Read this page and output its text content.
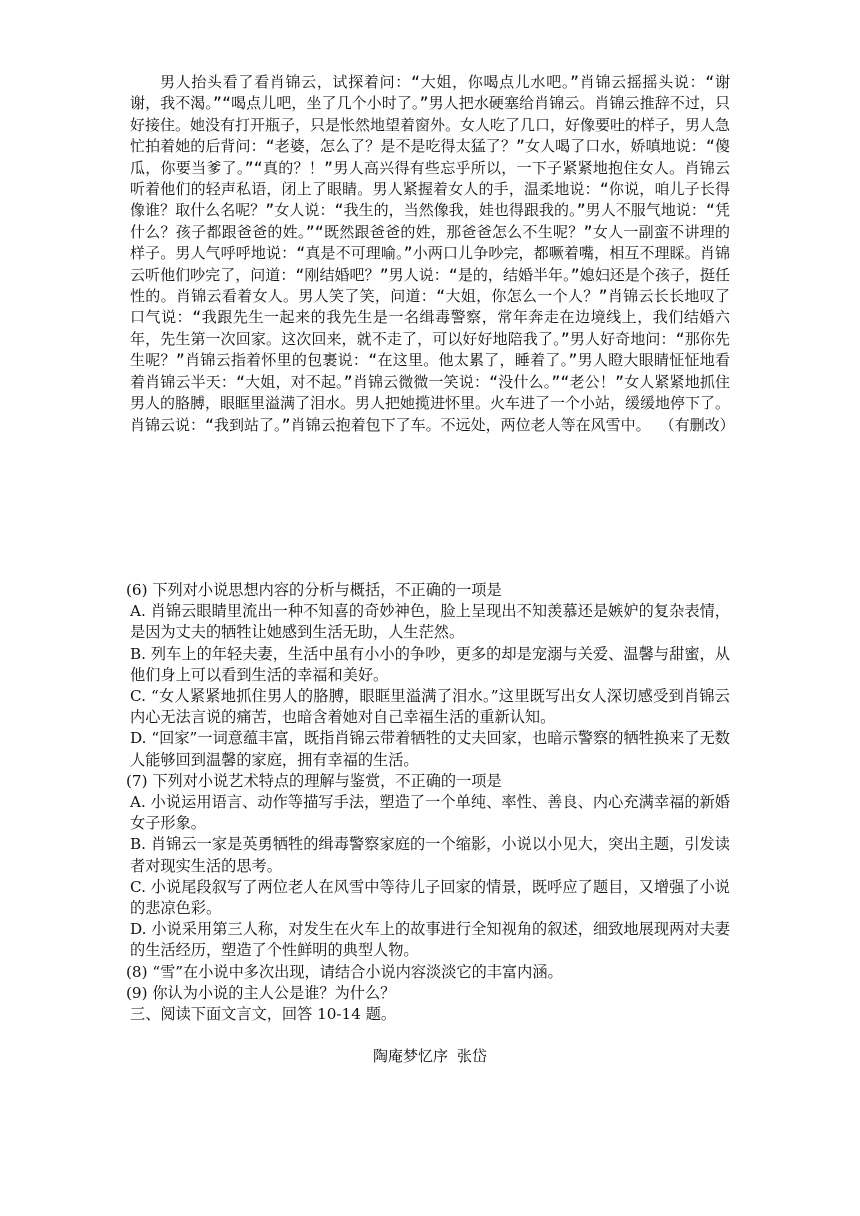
男人抬头看了看肖锦云，试探着问：“大姐，你喝点儿水吧。”肖锦云摇摇头说：“谢谢，我不渴。”“喝点儿吧，坐了几个小时了。”男人把水硬塞给肖锦云。肖锦云推辞不过，只好接住。她没有打开瓶子，只是怅然地望着窗外。女人吃了几口，好像要吐的样子，男人急忙拍着她的后背问：“老婆，怎么了？是不是吃得太猛了？”女人喝了口水，娇嗔地说：“傻瓜，你要当爹了。”“真的？！”男人高兴得有些忘乎所以，一下子紧紧地抱住女人。肖锦云听着他们的轻声私语，闭上了眼睛。男人紧握着女人的手，温柔地说：“你说，咱儿子长得像谁？取什么名呢？”女人说：“我生的，当然像我，娃也得跟我的。”男人不服气地说：“凭什么？孩子都跟爸爸的姓。”“既然跟爸爸的姓，那爸爸怎么不生呢？”女人一副蛮不讲理的样子。男人气呼呼地说：“真是不可理喻。”小两口儿争吵完，都噘着嘴，相互不理睬。肖锦云听他们吵完了，问道：“刚结婚吧？”男人说：“是的，结婚半年。”媳妇还是个孩子，挺任性的。肖锦云看着女人。男人笑了笑，问道：“大姐，你怎么一个人？”肖锦云长长地叹了口气说：“我跟先生一起来的我先生是一名缉毒警察，常年奔走在边境线上，我们结婚六年，先生第一次回家。这次回来，就不走了，可以好好地陪我了。”男人好奇地问：“那你先生呢？”肖锦云指着怀里的包裹说：“在这里。他太累了，睡着了。”男人瞪大眼睛怔怔地看着肖锦云半天：“大姐，对不起。”肖锦云微微一笑说：“没什么。”“老公！”女人紧紧地抓住男人的胳膊，眼眶里溢满了泪水。男人把她揽进怀里。火车进了一个小站，缓缓地停下了。肖锦云说：“我到站了。”肖锦云抱着包下了车。不远处，两位老人等在风雪中。 （有删改）

(6) 下列对小说思想内容的分析与概括，不正确的一项是

A. 肖锦云眼睛里流出一种不知喜的奇妙神色，脸上呈现出不知羡慕还是嫉妒的复杂表情，是因为丈夫的牺牲让她感到生活无助，人生茫然。

B. 列车上的年轻夫妻，生活中虽有小小的争吵，更多的却是宠溺与关爱、温馨与甜蜜，从他们身上可以看到生活的幸福和美好。

C. “女人紧紧地抓住男人的胳膊，眼眶里溢满了泪水。”这里既写出女人深切感受到肖锦云内心无法言说的痛苦，也暗含着她对自己幸福生活的重新认知。

D. “回家”一词意蕴丰富，既指肖锦云带着牺牲的丈夫回家，也暗示警察的牺牲换来了无数人能够回到温馨的家庭，拥有幸福的生活。

(7) 下列对小说艺术特点的理解与鉴赏，不正确的一项是

A. 小说运用语言、动作等描写手法，塑造了一个单纯、率性、善良、内心充满幸福的新婚女子形象。

B. 肖锦云一家是英勇牺牲的缉毒警察家庭的一个缩影，小说以小见大，突出主题，引发读者对现实生活的思考。

C. 小说尾段叙写了两位老人在风雪中等待儿子回家的情景，既呼应了题目，又增强了小说的悲凉色彩。

D. 小说采用第三人称，对发生在火车上的故事进行全知视角的叙述，细致地展现两对夫妻的生活经历，塑造了个性鲜明的典型人物。

(8) “雪”在小说中多次出现，请结合小说内容淡淡它的丰富内涵。

(9) 你认为小说的主人公是谁？为什么？

三、阅读下面文言文，回答 10-14 题。

陶庵梦忆序 张岱
